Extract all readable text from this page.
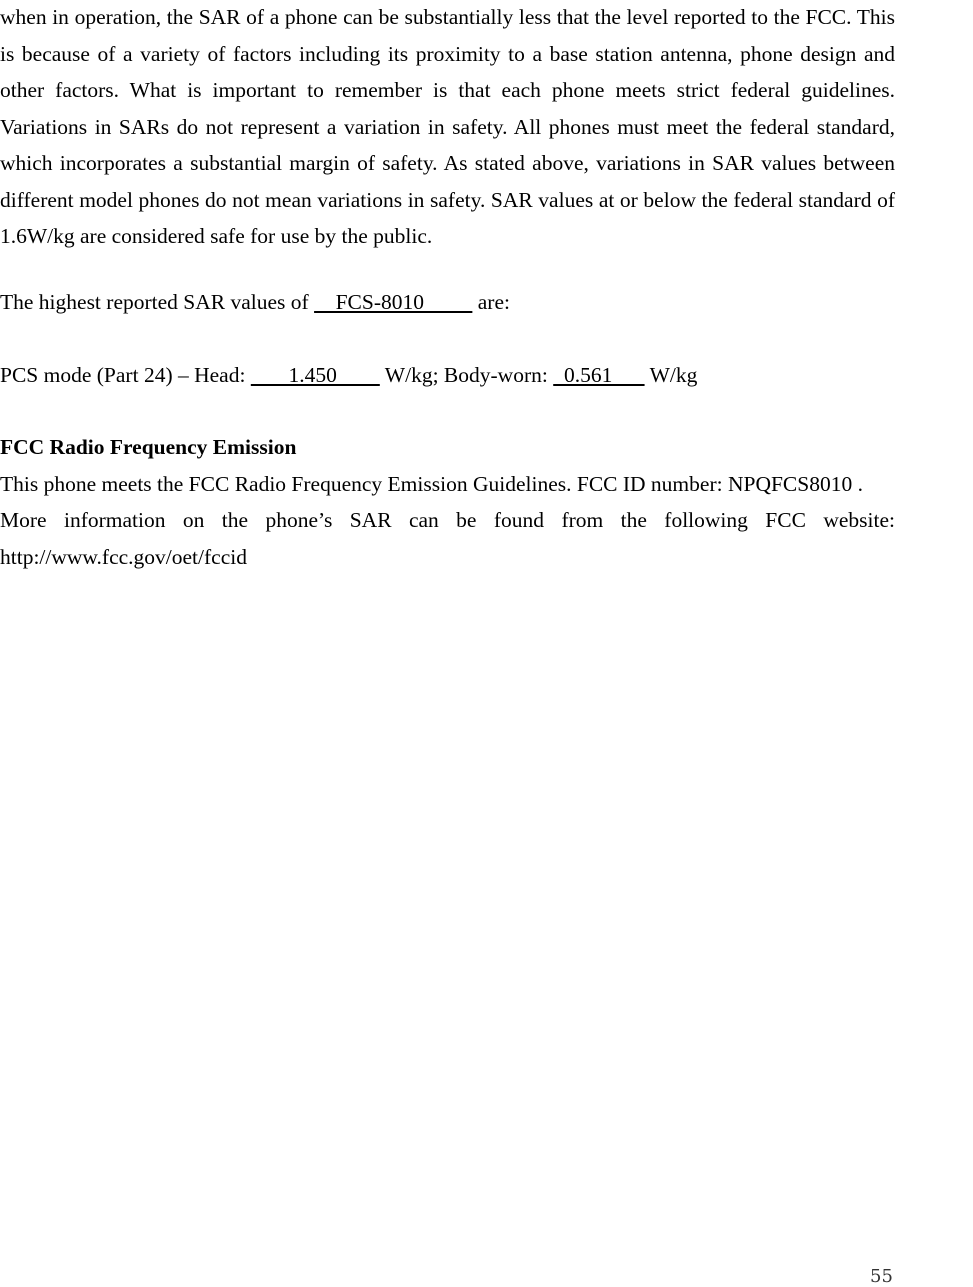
when in operation, the SAR of a phone can be substantially less that the level reported to the FCC. This is because of a variety of factors including its proximity to a base station antenna, phone design and other factors. What is important to remember is that each phone meets strict federal guidelines. Variations in SARs do not represent a variation in safety. All phones must meet the federal standard, which incorporates a substantial margin of safety. As stated above, variations in SAR values between different model phones do not mean variations in safety. SAR values at or below the federal standard of 1.6W/kg are considered safe for use by the public.
The highest reported SAR values of     FCS-8010          are:
PCS mode (Part 24) – Head:        1.450         W/kg; Body-worn:   0.561       W/kg
FCC Radio Frequency Emission
This phone meets the FCC Radio Frequency Emission Guidelines. FCC ID number: NPQFCS8010 .
More information on the phone’s SAR can be found from the following FCC website: http://www.fcc.gov/oet/fccid
55
